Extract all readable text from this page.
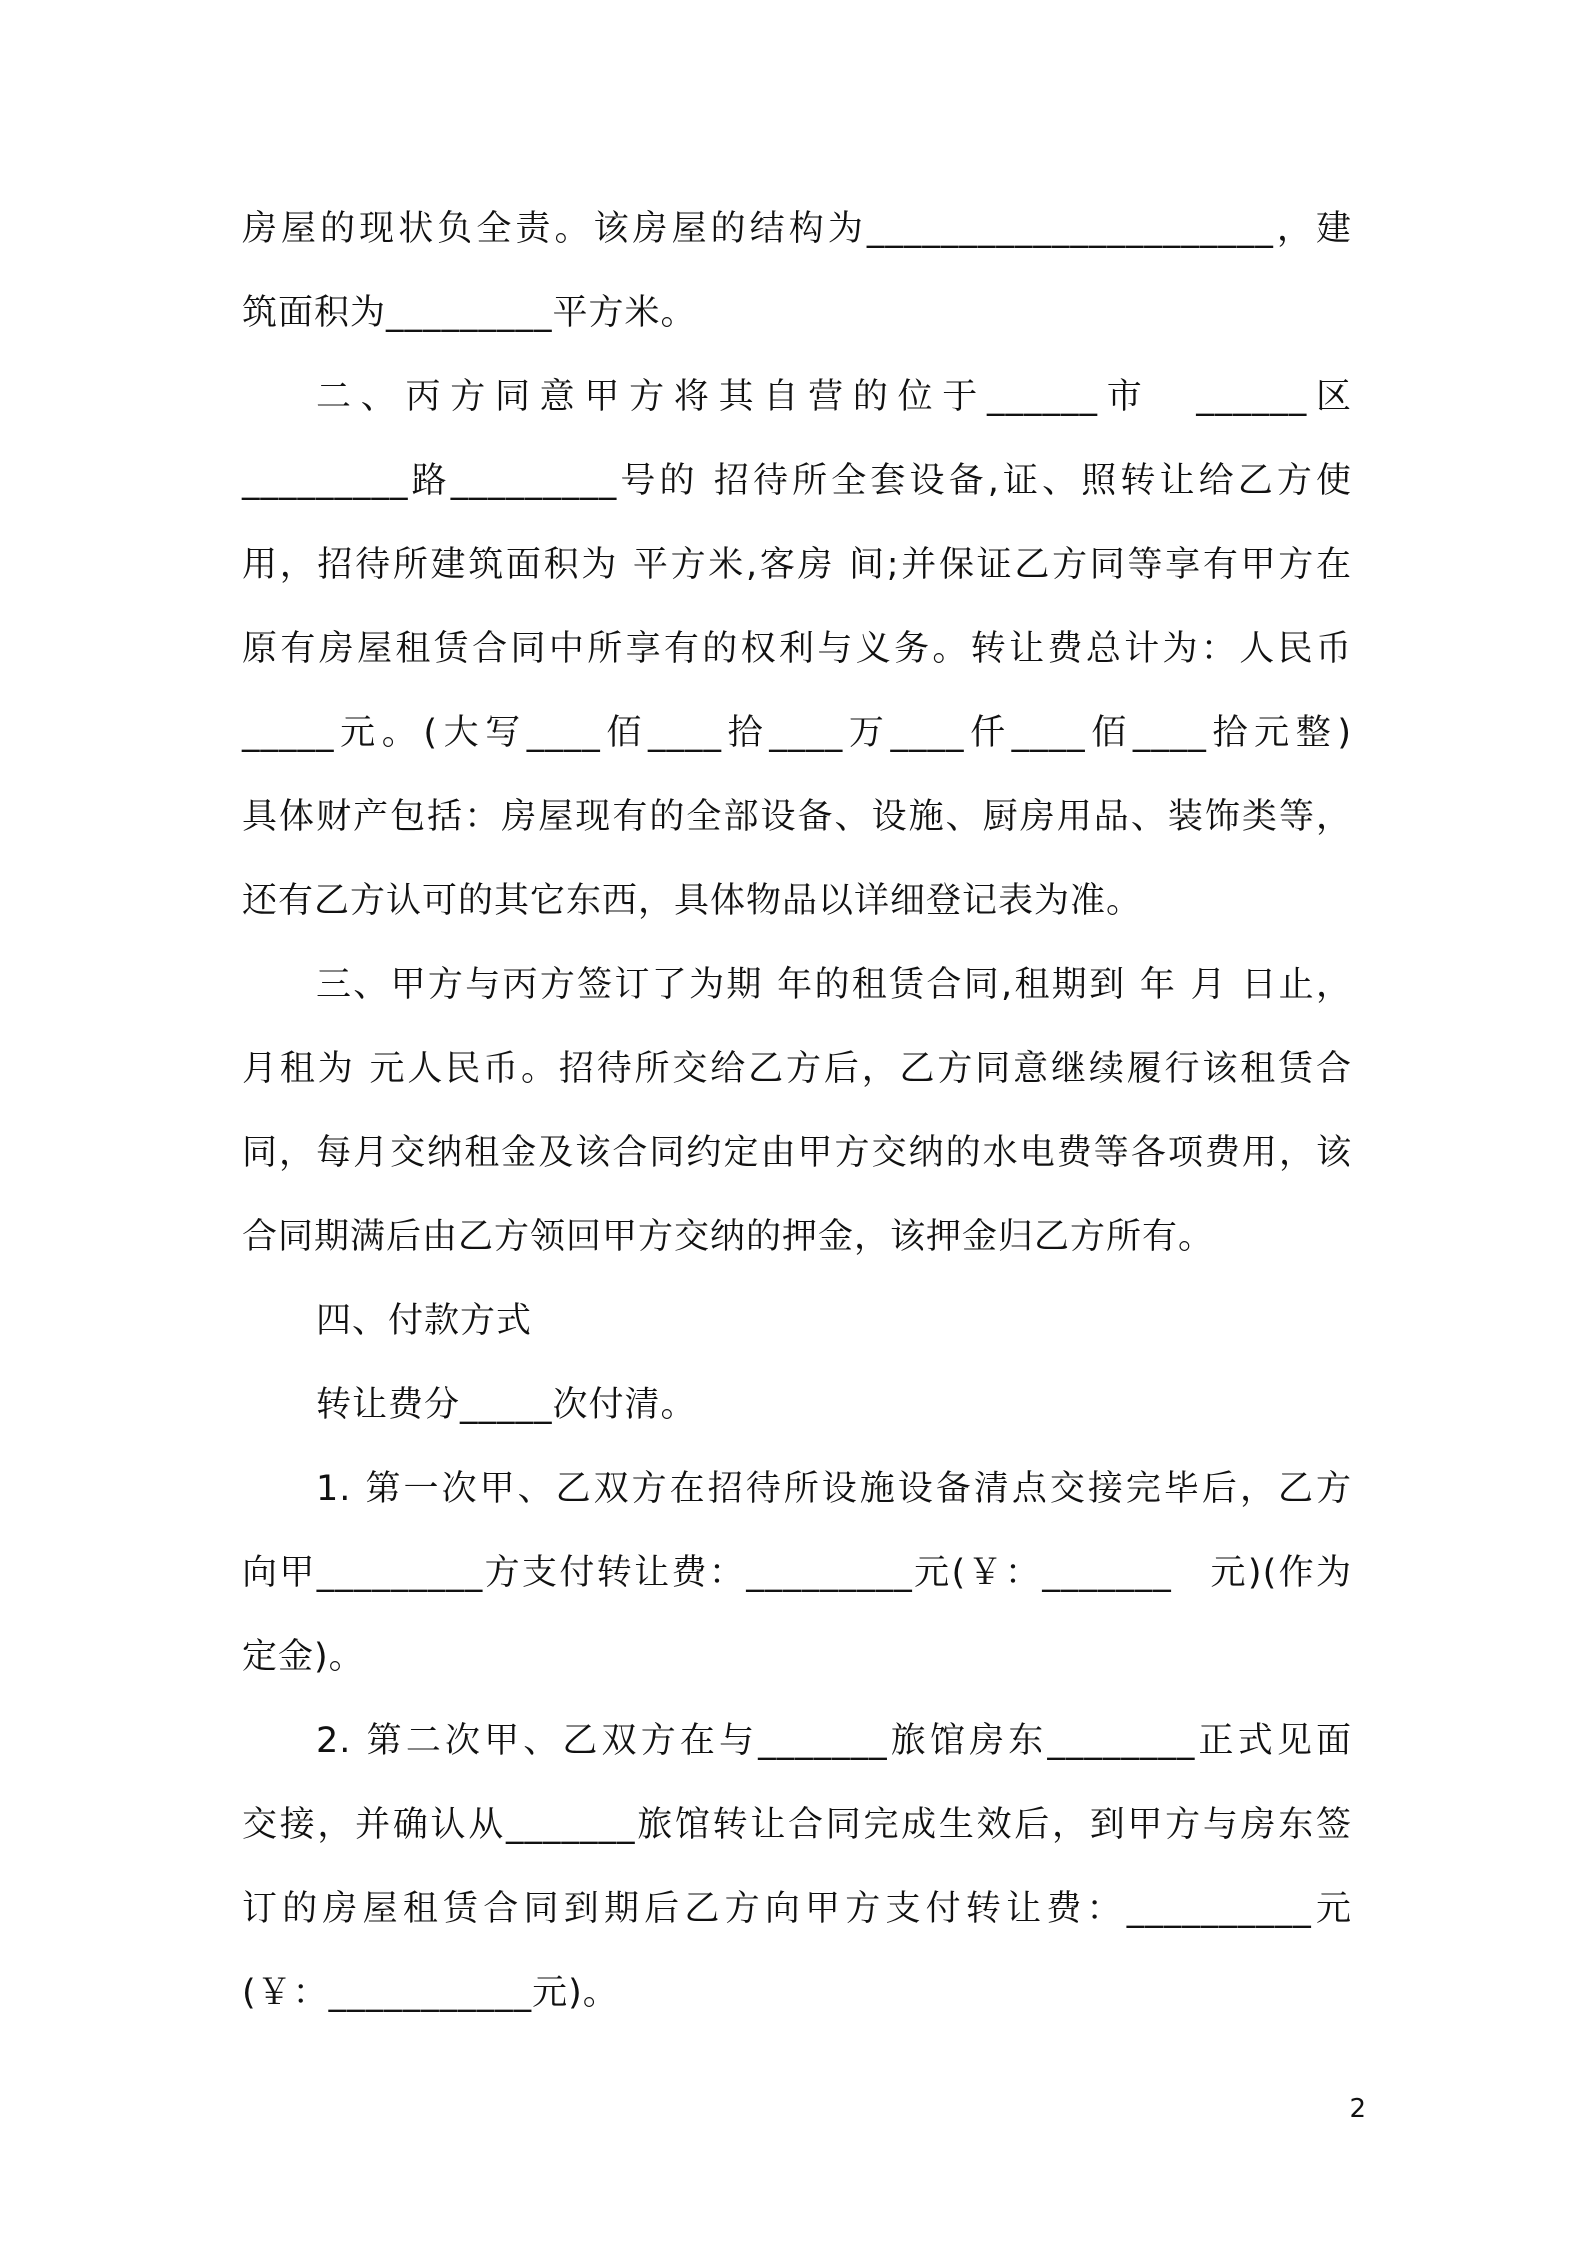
房屋的现状负全责。该房屋的结构为______________________，建
筑面积为_________平方米。
二、丙方同意甲方将其自营的位于______市　______区
_________路_________号的 招待所全套设备,证、照转让给乙方使
用，招待所建筑面积为 平方米,客房 间;并保证乙方同等享有甲方在
原有房屋租赁合同中所享有的权利与义务。转让费总计为：人民币
_____元。(大写____佰____拾____万____仟____佰____拾元整)
具体财产包括：房屋现有的全部设备、设施、厨房用品、装饰类等，
还有乙方认可的其它东西，具体物品以详细登记表为准。
三、甲方与丙方签订了为期 年的租赁合同,租期到 年 月 日止，
月租为 元人民币。招待所交给乙方后，乙方同意继续履行该租赁合
同，每月交纳租金及该合同约定由甲方交纳的水电费等各项费用，该
合同期满后由乙方领回甲方交纳的押金，该押金归乙方所有。
四、付款方式
转让费分_____次付清。
1. 第一次甲、乙双方在招待所设施设备清点交接完毕后，乙方
向甲_________方支付转让费：_________元(￥：_______　元)(作为
定金)。
2. 第二次甲、乙双方在与_______旅馆房东________正式见面
交接，并确认从_______旅馆转让合同完成生效后，到甲方与房东签
订的房屋租赁合同到期后乙方向甲方支付转让费：__________元
(￥：___________元)。
2
